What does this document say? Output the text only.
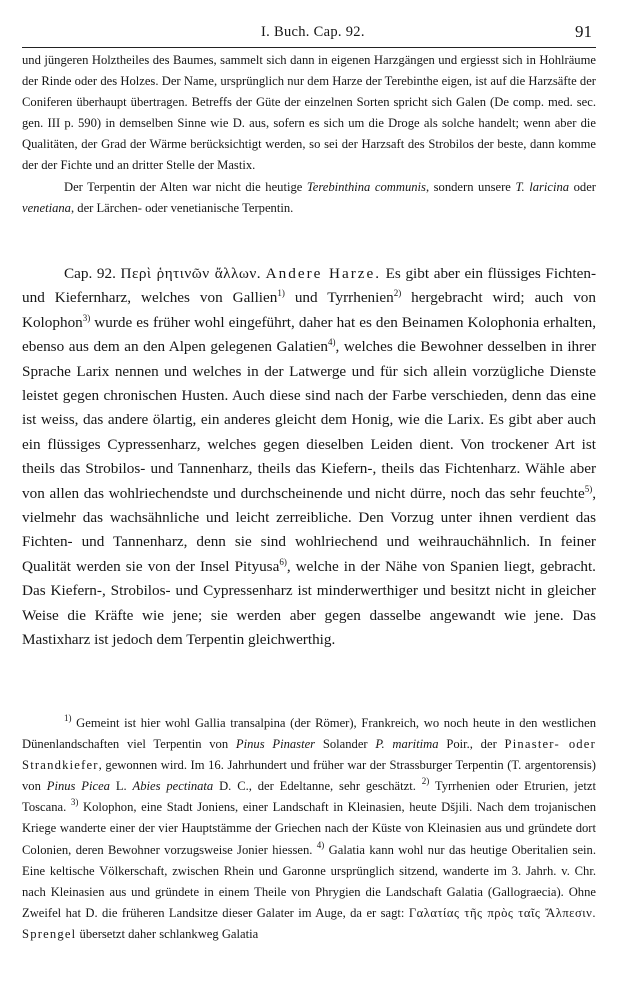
I. Buch. Cap. 92.	91

und jüngeren Holztheiles des Baumes, sammelt sich dann in eigenen Harzgängen und ergiesst sich in Hohlräume der Rinde oder des Holzes. Der Name, ursprünglich nur dem Harze der Terebinthe eigen, ist auf die Harzsäfte der Coniferen überhaupt übertragen. Betreffs der Güte der einzelnen Sorten spricht sich Galen (De comp. med. sec. gen. III p. 590) in demselben Sinne wie D. aus, sofern es sich um die Droge als solche handelt; wenn aber die Qualitäten, der Grad der Wärme berücksichtigt werden, so sei der Harzsaft des Strobilos der beste, dann komme der der Fichte und an dritter Stelle der Mastix.

Der Terpentin der Alten war nicht die heutige Terebinthina communis, sondern unsere T. laricina oder venetiana, der Lärchen- oder venetianische Terpentin.

Cap. 92. Περὶ ῥητινῶν ἄλλων. Andere Harze. Es gibt aber ein flüssiges Fichten- und Kiefernharz, welches von Gallien$^{1)}$ und Tyrrhenien$^{2)}$ hergebracht wird; auch von Kolophon$^{3)}$ wurde es früher wohl eingeführt, daher hat es den Beinamen Kolophonia erhalten, ebenso aus dem an den Alpen gelegenen Galatien$^{4)}$, welches die Bewohner desselben in ihrer Sprache Larix nennen und welches in der Latwerge und für sich allein vorzügliche Dienste leistet gegen chronischen Husten. Auch diese sind nach der Farbe verschieden, denn das eine ist weiss, das andere ölartig, ein anderes gleicht dem Honig, wie die Larix. Es gibt aber auch ein flüssiges Cypressenharz, welches gegen dieselben Leiden dient. Von trockener Art ist theils das Strobilos- und Tannenharz, theils das Kiefern-, theils das Fichtenharz. Wähle aber von allen das wohlriechendste und durchscheinende und nicht dürre, noch das sehr feuchte$^{5)}$, vielmehr das wachsähnliche und leicht zerreibliche. Den Vorzug unter ihnen verdient das Fichten- und Tannenharz, denn sie sind wohlriechend und weihrauchähnlich. In feiner Qualität werden sie von der Insel Pityusa$^{6)}$, welche in der Nähe von Spanien liegt, gebracht. Das Kiefern-, Strobilos- und Cypressenharz ist minderwerthiger und besitzt nicht in gleicher Weise die Kräfte wie jene; sie werden aber gegen dasselbe angewandt wie jene. Das Mastixharz ist jedoch dem Terpentin gleichwerthig.

$^{1)}$ Gemeint ist hier wohl Gallia transalpina (der Römer), Frankreich, wo noch heute in den westlichen Dünenlandschaften viel Terpentin von Pinus Pinaster Solander P. maritima Poir., der Pinaster- oder Strandkiefer, gewonnen wird. Im 16. Jahrhundert und früher war der Strassburger Terpentin (T. argentorensis) von Pinus Picea L. Abies pectinata D. C., der Edeltanne, sehr geschätzt. $^{2)}$ Tyrrhenien oder Etrurien, jetzt Toscana. $^{3)}$ Kolophon, eine Stadt Joniens, einer Landschaft in Kleinasien, heute Dšjili. Nach dem trojanischen Kriege wanderte einer der vier Hauptstämme der Griechen nach der Küste von Kleinasien aus und gründete dort Colonien, deren Bewohner vorzugsweise Jonier hiessen. $^{4)}$ Galatia kann wohl nur das heutige Oberitalien sein. Eine keltische Völkerschaft, zwischen Rhein und Garonne ursprünglich sitzend, wanderte im 3. Jahrh. v. Chr. nach Kleinasien aus und gründete in einem Theile von Phrygien die Landschaft Galatia (Gallograecia). Ohne Zweifel hat D. die früheren Landsitze dieser Galater im Auge, da er sagt: Γαλατίας τῆς πρὸς ταῖς Ἄλπεσιν. Sprengel übersetzt daher schlankweg Galatia
